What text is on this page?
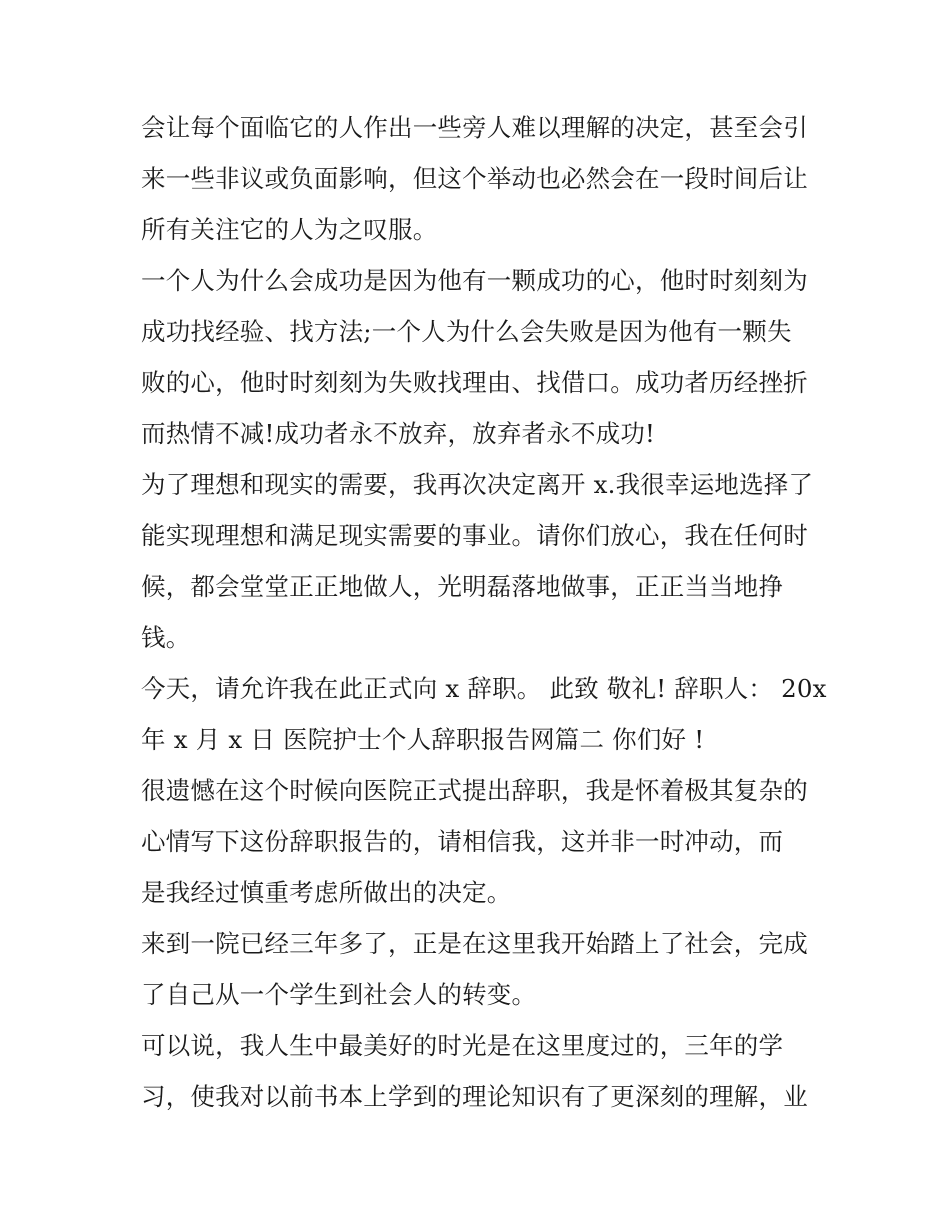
会让每个面临它的人作出一些旁人难以理解的决定，甚至会引
来一些非议或负面影响，但这个举动也必然会在一段时间后让
所有关注它的人为之叹服。
一个人为什么会成功是因为他有一颗成功的心，他时时刻刻为
成功找经验、找方法;一个人为什么会失败是因为他有一颗失
败的心，他时时刻刻为失败找理由、找借口。成功者历经挫折
而热情不减!成功者永不放弃，放弃者永不成功!
为了理想和现实的需要，我再次决定离开 x.我很幸运地选择了
能实现理想和满足现实需要的事业。请你们放心，我在任何时
候，都会堂堂正正地做人，光明磊落地做事，正正当当地挣
钱。
今天，请允许我在此正式向 x 辞职。 此致 敬礼! 辞职人： 20x
年 x 月 x 日 医院护士个人辞职报告网篇二 你们好 !
很遗憾在这个时候向医院正式提出辞职，我是怀着极其复杂的
心情写下这份辞职报告的，请相信我，这并非一时冲动，而
是我经过慎重考虑所做出的决定。
来到一院已经三年多了，正是在这里我开始踏上了社会，完成
了自己从一个学生到社会人的转变。
可以说，我人生中最美好的时光是在这里度过的，三年的学
习，使我对以前书本上学到的理论知识有了更深刻的理解，业
